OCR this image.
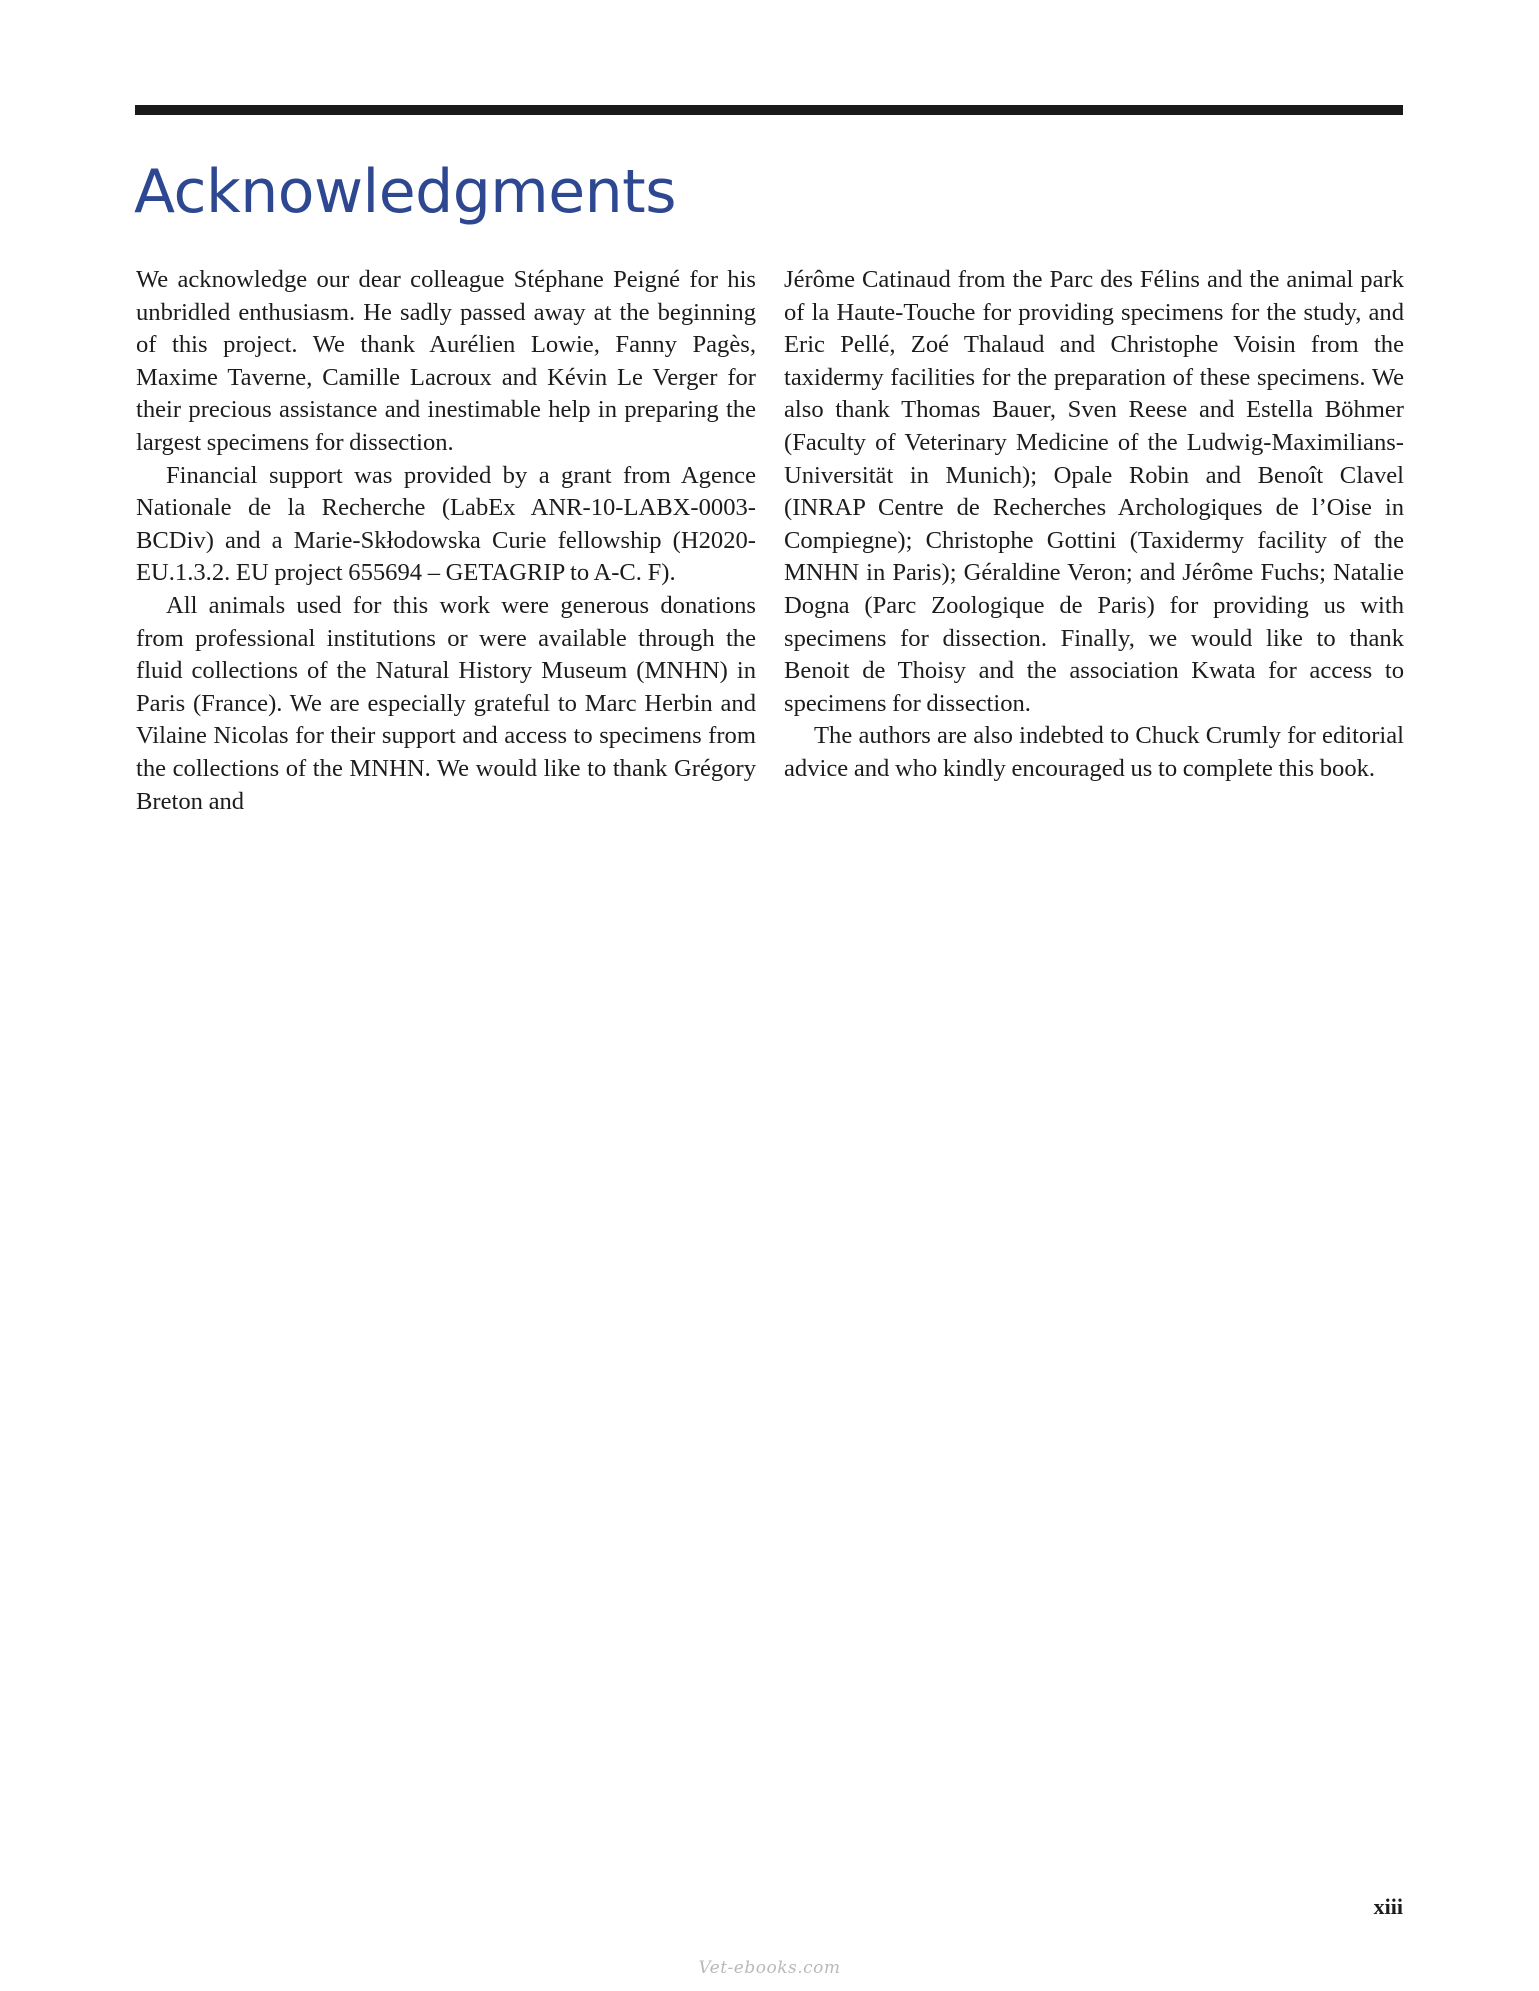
Acknowledgments

We acknowledge our dear colleague Stéphane Peigné for his unbridled enthusiasm. He sadly passed away at the beginning of this project. We thank Aurélien Lowie, Fanny Pagès, Maxime Taverne, Camille Lacroux and Kévin Le Verger for their precious assistance and inestimable help in preparing the largest specimens for dissection.

Financial support was provided by a grant from Agence Nationale de la Recherche (LabEx ANR-10-LABX-0003-BCDiv) and a Marie-Skłodowska Curie fellowship (H2020-EU.1.3.2. EU project 655694 – GETAGRIP to A-C. F).

All animals used for this work were generous donations from professional institutions or were available through the fluid collections of the Natural History Museum (MNHN) in Paris (France). We are especially grateful to Marc Herbin and Vilaine Nicolas for their support and access to specimens from the collections of the MNHN. We would like to thank Grégory Breton and

Jérôme Catinaud from the Parc des Félins and the animal park of la Haute-Touche for providing specimens for the study, and Eric Pellé, Zoé Thalaud and Christophe Voisin from the taxidermy facilities for the preparation of these specimens. We also thank Thomas Bauer, Sven Reese and Estella Böhmer (Faculty of Veterinary Medicine of the Ludwig-Maximilians-Universität in Munich); Opale Robin and Benoît Clavel (INRAP Centre de Recherches Archologiques de l’Oise in Compiegne); Christophe Gottini (Taxidermy facility of the MNHN in Paris); Géraldine Veron; and Jérôme Fuchs; Natalie Dogna (Parc Zoologique de Paris) for providing us with specimens for dissection. Finally, we would like to thank Benoit de Thoisy and the association Kwata for access to specimens for dissection.

The authors are also indebted to Chuck Crumly for editorial advice and who kindly encouraged us to complete this book.

xiii
Vet-ebooks.com
